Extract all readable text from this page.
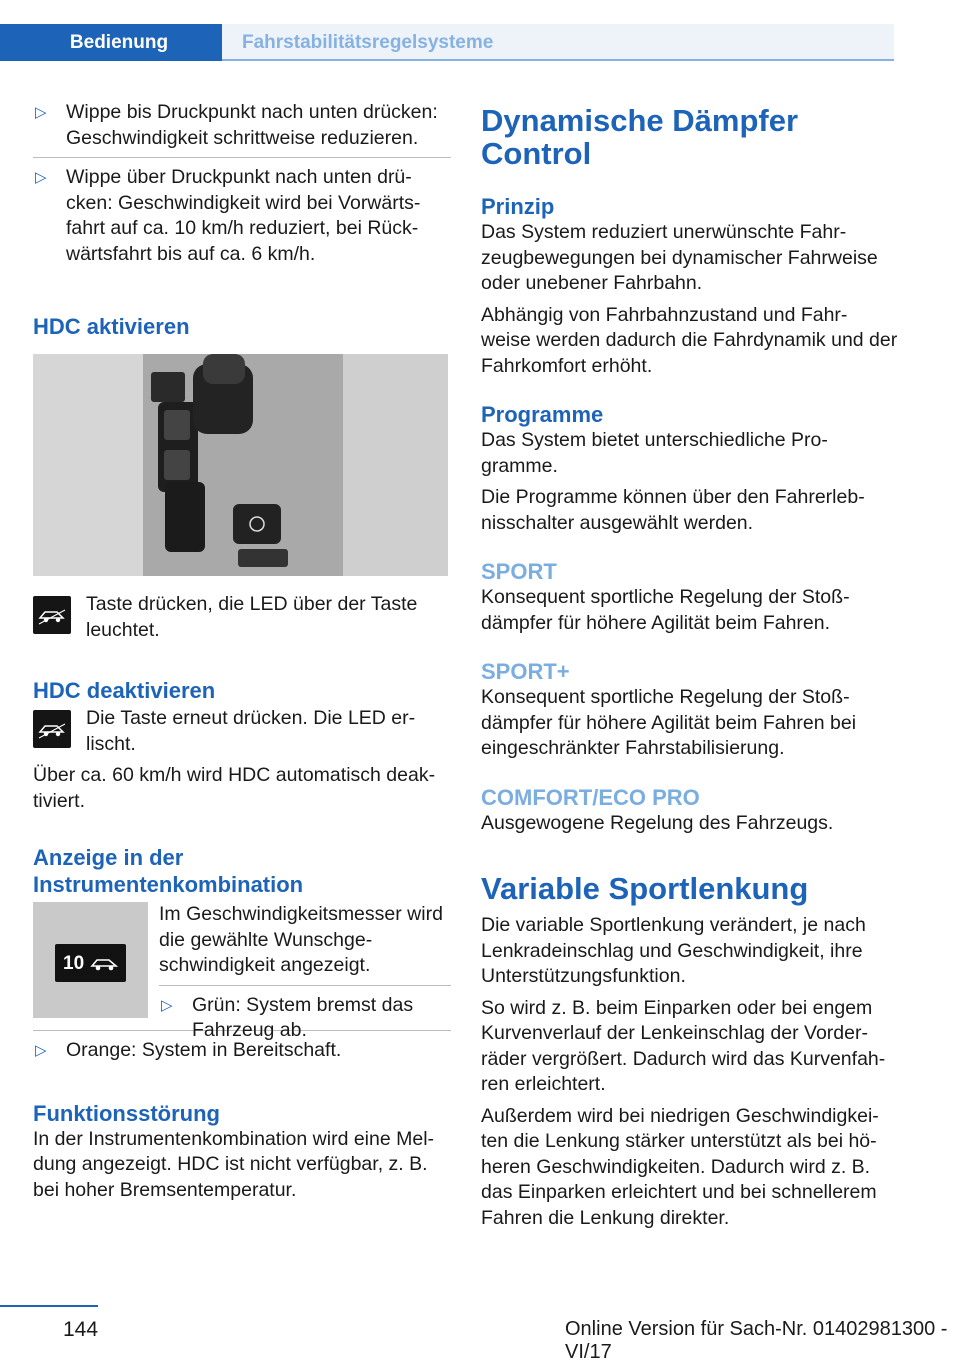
Bedienung	Fahrstabilitätsregelsysteme
▷ Wippe bis Druckpunkt nach unten drücken: Geschwindigkeit schrittweise reduzieren.

▷ Wippe über Druckpunkt nach unten drü- cken: Geschwindigkeit wird bei Vorwärts- fahrt auf ca. 10 km/h reduziert, bei Rück- wärtsfahrt bis auf ca. 6 km/h.

HDC aktivieren

Taste drücken, die LED über der Taste leuchtet.

HDC deaktivieren

Die Taste erneut drücken. Die LED er- lischt.

Über ca. 60 km/h wird HDC automatisch deak- tiviert.

Anzeige in der Instrumentenkombination
10

Im Geschwindigkeitsmesser wird die gewählte Wunschge- schwindigkeit angezeigt.

▷ Grün: System bremst das Fahrzeug ab.

▷ Orange: System in Bereitschaft.

Funktionsstörung

In der Instrumentenkombination wird eine Mel- dung angezeigt. HDC ist nicht verfügbar, z. B. bei hoher Bremsentemperatur.

Dynamische Dämpfer Control
Prinzip

Das System reduziert unerwünschte Fahr- zeugbewegungen bei dynamischer Fahrweise oder unebener Fahrbahn.

Abhängig von Fahrbahnzustand und Fahr- weise werden dadurch die Fahrdynamik und der Fahrkomfort erhöht.

Programme

Das System bietet unterschiedliche Pro- gramme.

Die Programme können über den Fahrerleb- nisschalter ausgewählt werden.

SPORT

Konsequent sportliche Regelung der Stoß- dämpfer für höhere Agilität beim Fahren.

SPORT+

Konsequent sportliche Regelung der Stoß- dämpfer für höhere Agilität beim Fahren bei eingeschränkter Fahrstabilisierung.

COMFORT/ECO PRO

Ausgewogene Regelung des Fahrzeugs.

Variable Sportlenkung

Die variable Sportlenkung verändert, je nach Lenkradeinschlag und Geschwindigkeit, ihre Unterstützungsfunktion.

So wird z. B. beim Einparken oder bei engem Kurvenverlauf der Lenkeinschlag der Vorder- räder vergrößert. Dadurch wird das Kurvenfah- ren erleichtert.

Außerdem wird bei niedrigen Geschwindigkei- ten die Lenkung stärker unterstützt als bei hö- heren Geschwindigkeiten. Dadurch wird z. B. das Einparken erleichtert und bei schnellerem Fahren die Lenkung direkter.

144	Online Version für Sach-Nr. 01402981300 - VI/17
